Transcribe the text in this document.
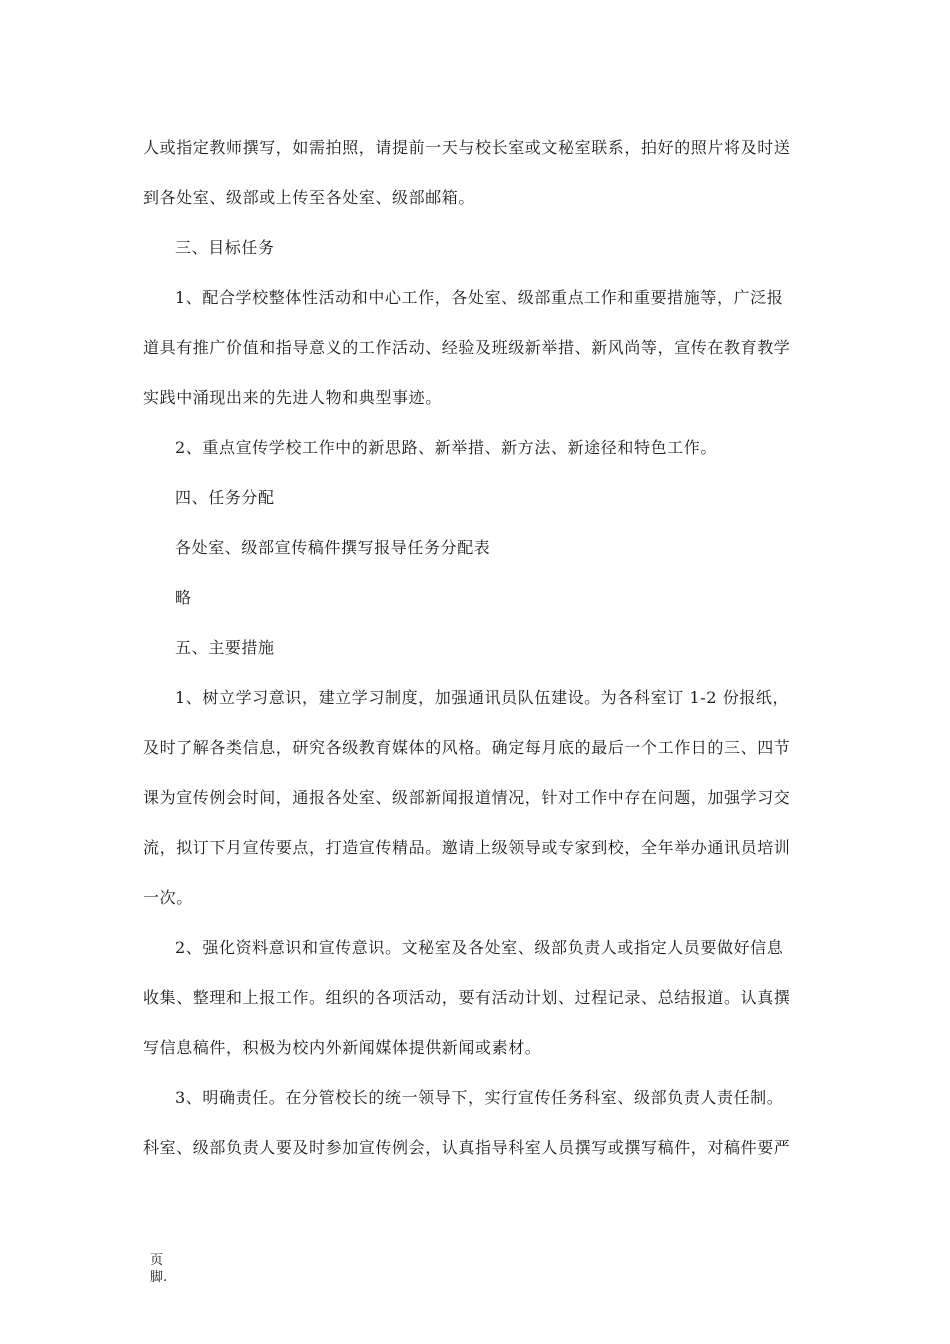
人或指定教师撰写，如需拍照，请提前一天与校长室或文秘室联系，拍好的照片将及时送
到各处室、级部或上传至各处室、级部邮箱。
三、目标任务
1、配合学校整体性活动和中心工作，各处室、级部重点工作和重要措施等，广泛报
道具有推广价值和指导意义的工作活动、经验及班级新举措、新风尚等，宣传在教育教学
实践中涌现出来的先进人物和典型事迹。
2、重点宣传学校工作中的新思路、新举措、新方法、新途径和特色工作。
四、任务分配
各处室、级部宣传稿件撰写报导任务分配表
略
五、主要措施
1、树立学习意识，建立学习制度，加强通讯员队伍建设。为各科室订 1-2 份报纸，
及时了解各类信息，研究各级教育媒体的风格。确定每月底的最后一个工作日的三、四节
课为宣传例会时间，通报各处室、级部新闻报道情况，针对工作中存在问题，加强学习交
流，拟订下月宣传要点，打造宣传精品。邀请上级领导或专家到校，全年举办通讯员培训
一次。
2、强化资料意识和宣传意识。文秘室及各处室、级部负责人或指定人员要做好信息
收集、整理和上报工作。组织的各项活动，要有活动计划、过程记录、总结报道。认真撰
写信息稿件，积极为校内外新闻媒体提供新闻或素材。
3、明确责任。在分管校长的统一领导下，实行宣传任务科室、级部负责人责任制。
科室、级部负责人要及时参加宣传例会，认真指导科室人员撰写或撰写稿件，对稿件要严
页
脚.
